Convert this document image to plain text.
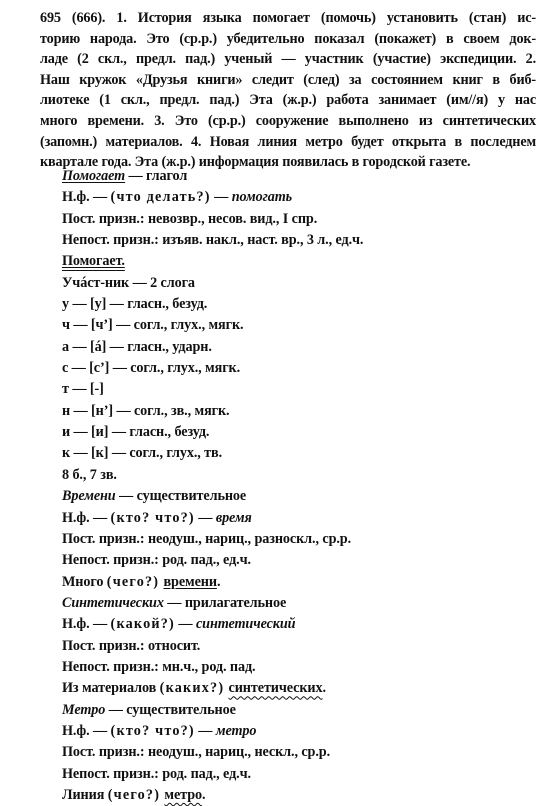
695 (666). 1. История языка помогает (помочь) установить (стан) ис-
торию народа. Это (ср.р.) убедительно показал (покажет) в своем док-
ладе (2 скл., предл. пад.) ученый — участник (участие) экспедиции. 2.
Наш кружок «Друзья книги» следит (след) за состоянием книг в биб-
лиотеке (1 скл., предл. пад.) Эта (ж.р.) работа занимает (им//я) у нас
много времени. 3. Это (ср.р.) сооружение выполнено из синтетических
(запомн.) материалов. 4. Новая линия метро будет открыта в последнем
квартале года. Эта (ж.р.) информация появилась в городской газете.
Помогает — глагол
Н.ф. — (что делать?) — помогать
Пост. призн.: невозвр., несов. вид., I спр.
Непост. призн.: изъяв. накл., наст. вр., 3 л., ед.ч.
Помогает.
Учáст-ник — 2 слога
у — [у] — гласн., безуд.
ч — [ч’] — согл., глух., мягк.
а — [á] — гласн., ударн.
с — [с’] — согл., глух., мягк.
т — [-]
н — [н’] — согл., зв., мягк.
и — [и] — гласн., безуд.
к — [к] — согл., глух., тв.
8 б., 7 зв.
Времени — существительное
Н.ф. — (кто? что?) — время
Пост. призн.: неодуш., нариц., разноскл., ср.р.
Непост. призн.: род. пад., ед.ч.
Много (чего?) времени.
Синтетических — прилагательное
Н.ф. — (какой?) — синтетический
Пост. призн.: относит.
Непост. призн.: мн.ч., род. пад.
Из материалов (каких?) синтетических.
Метро — существительное
Н.ф. — (кто? что?) — метро
Пост. призн.: неодуш., нариц., нескл., ср.р.
Непост. призн.: род. пад., ед.ч.
Линия (чего?) метро.
